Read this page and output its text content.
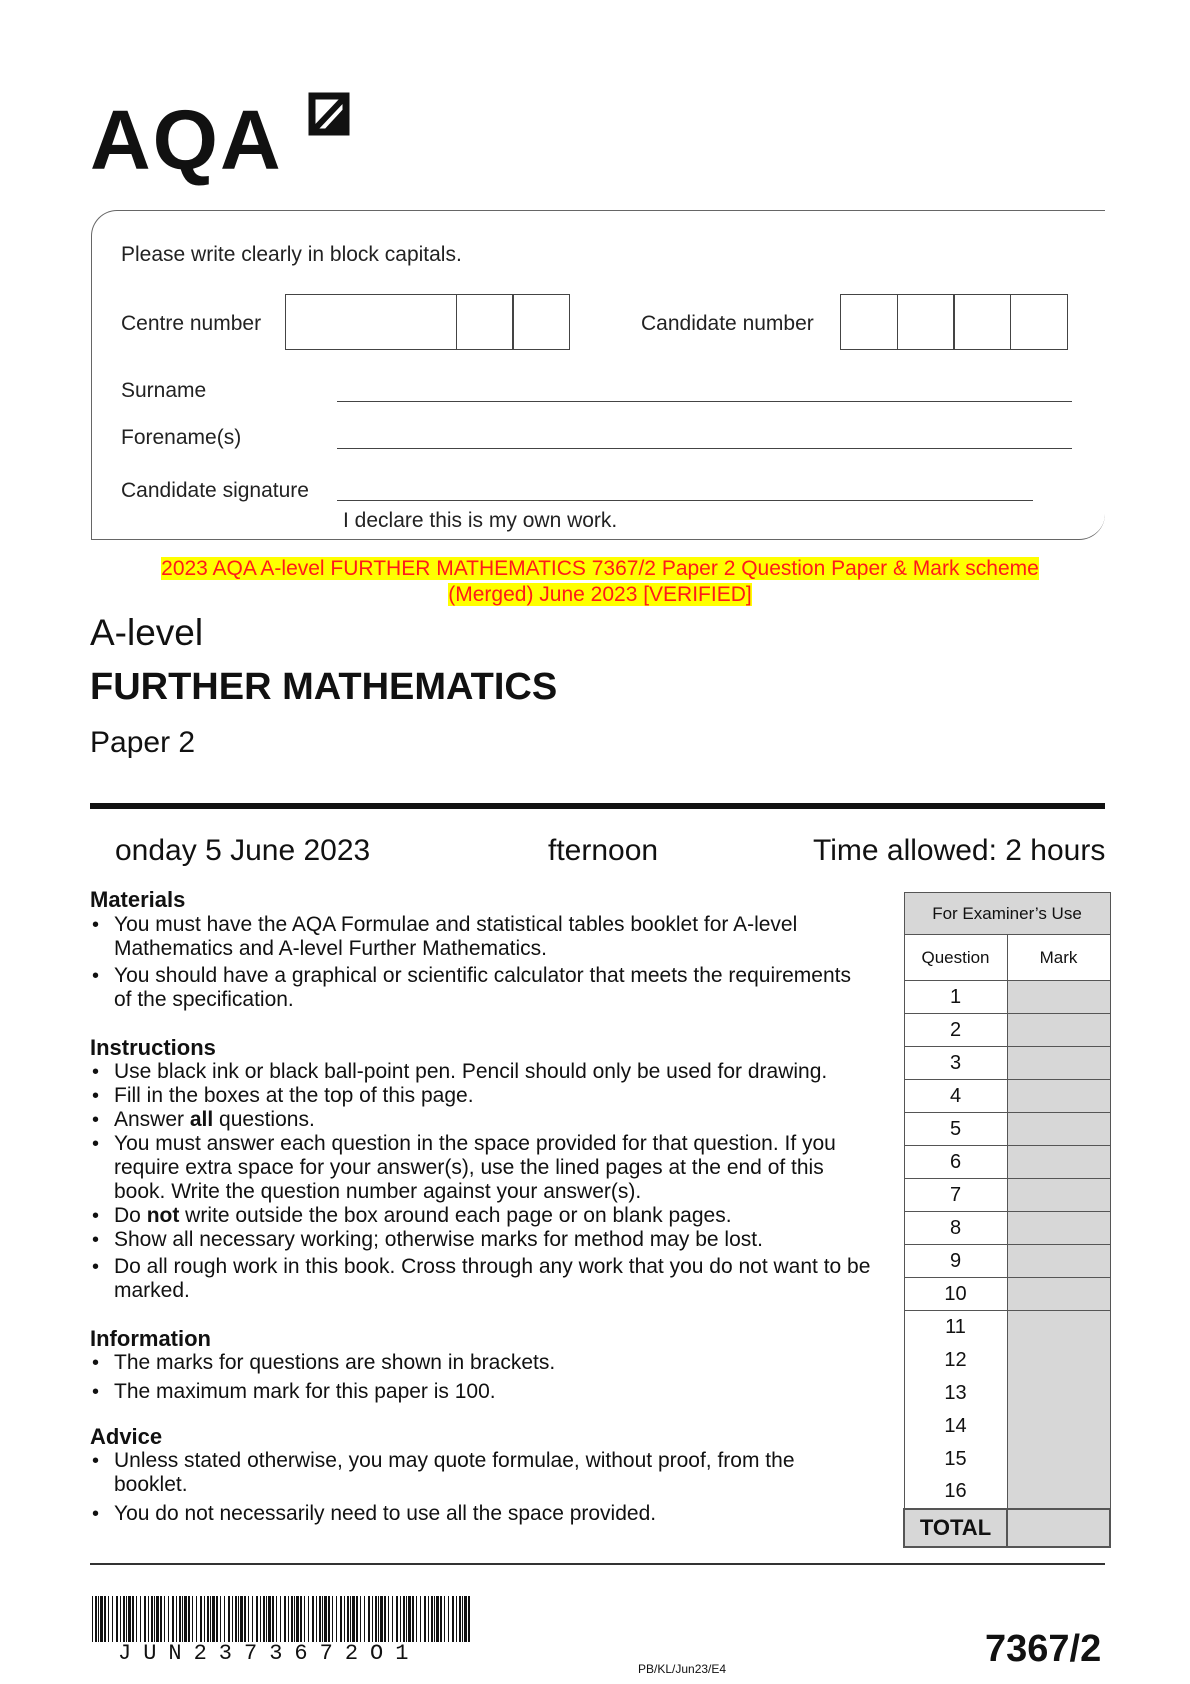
AQA
Please write clearly in block capitals.
Centre number	Candidate number
Surname
Forename(s)
Candidate signature
I declare this is my own work.
2023 AQA A-level FURTHER MATHEMATICS 7367/2 Paper 2 Question Paper & Mark scheme
(Merged) June 2023 [VERIFIED]
A-level
FURTHER MATHEMATICS
Paper 2
onday 5 June 2023	fternoon	Time allowed: 2 hours
Materials
• You must have the AQA Formulae and statistical tables booklet for A-level Mathematics and A-level Further Mathematics.
• You should have a graphical or scientific calculator that meets the requirements of the specification.
Instructions
• Use black ink or black ball-point pen. Pencil should only be used for drawing.
• Fill in the boxes at the top of this page.
• Answer all questions.
• You must answer each question in the space provided for that question. If you require extra space for your answer(s), use the lined pages at the end of this book. Write the question number against your answer(s).
• Do not write outside the box around each page or on blank pages.
• Show all necessary working; otherwise marks for method may be lost.
• Do all rough work in this book. Cross through any work that you do not want to be marked.
Information
• The marks for questions are shown in brackets.
• The maximum mark for this paper is 100.
Advice
• Unless stated otherwise, you may quote formulae, without proof, from the booklet.
• You do not necessarily need to use all the space provided.
For Examiner’s Use	
Question	Mark
1	
2	
3	
4	
5	
6	
7	
8	
9	
10	
11	
12	
13	
14	
15	
16	
TOTAL	
JUN2373672O1
PB/KL/Jun23/E4	7367/2
